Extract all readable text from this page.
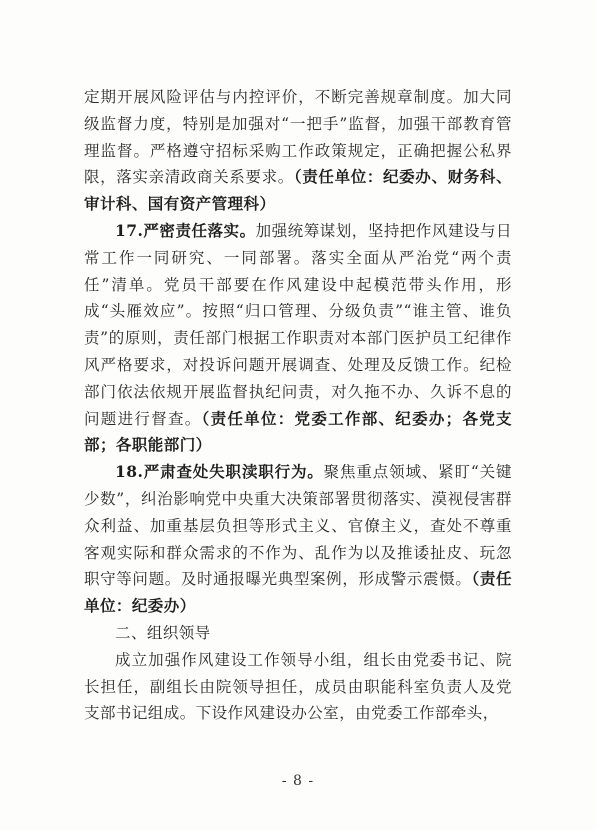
定期开展风险评估与内控评价，不断完善规章制度。加大同级监督力度，特别是加强对“一把手”监督，加强干部教育管理监督。严格遵守招标采购工作政策规定，正确把握公私界限，落实亲清政商关系要求。（责任单位：纪委办、财务科、审计科、国有资产管理科）

17.严密责任落实。加强统筹谋划，坚持把作风建设与日常工作一同研究、一同部署。落实全面从严治党“两个责任”清单。党员干部要在作风建设中起模范带头作用，形成“头雁效应”。按照“归口管理、分级负责”“谁主管、谁负责”的原则，责任部门根据工作职责对本部门医护员工纪律作风严格要求，对投诉问题开展调查、处理及反馈工作。纪检部门依法依规开展监督执纪问责，对久拖不办、久诉不息的问题进行督查。（责任单位：党委工作部、纪委办；各党支部；各职能部门）

18.严肃查处失职渎职行为。聚焦重点领域、紧盯“关键少数”，纠治影响党中央重大决策部署贯彻落实、漠视侵害群众利益、加重基层负担等形式主义、官僚主义，查处不尊重客观实际和群众需求的不作为、乱作为以及推诿扯皮、玩忽职守等问题。及时通报曝光典型案例，形成警示震慑。（责任单位：纪委办）

二、组织领导

成立加强作风建设工作领导小组，组长由党委书记、院长担任，副组长由院领导担任，成员由职能科室负责人及党支部书记组成。下设作风建设办公室，由党委工作部牵头，

- 8 -
